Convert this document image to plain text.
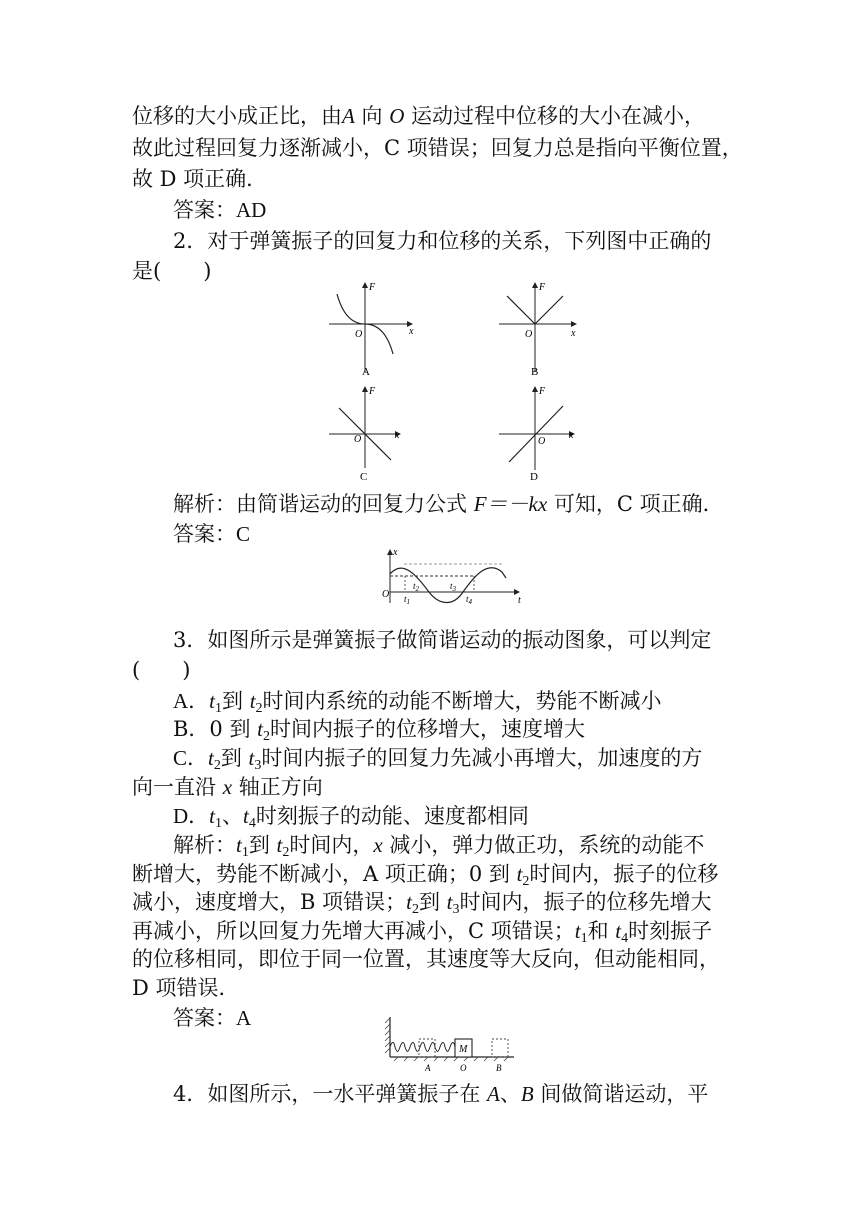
位移的大小成正比，由A 向 O 运动过程中位移的大小在减小，
故此过程回复力逐渐减小，C 项错误；回复力总是指向平衡位置，
故 D 项正确．
答案：AD
2．对于弹簧振子的回复力和位移的关系，下列图中正确的
是(　　)
F
x
O
A
F
x
O
B
F
x
O
C
F
x
O
D
解析：由简谐运动的回复力公式 F＝－kx 可知，C 项正确．
答案：C
x
t
O $t_1$
$t_2$	$t_3$
$t_4$
3．如图所示是弹簧振子做简谐运动的振动图象，可以判定
(　　)
A．$t_1$到 $t_2$时间内系统的动能不断增大，势能不断减小
B．0 到 $t_2$时间内振子的位移增大，速度增大
C．$t_2$到 $t_3$时间内振子的回复力先减小再增大，加速度的方
向一直沿 x 轴正方向
D．$t_1$、$t_4$时刻振子的动能、速度都相同
解析：$t_1$到 $t_2$时间内，x 减小，弹力做正功，系统的动能不
断增大，势能不断减小，A 项正确；0 到 $t_2$时间内，振子的位移
减小，速度增大，B 项错误；$t_2$到 $t_3$时间内，振子的位移先增大
再减小，所以回复力先增大再减小，C 项错误；$t_1$和 $t_4$时刻振子
的位移相同，即位于同一位置，其速度等大反向，但动能相同，
D 项错误．
答案：A
M
A	O	B
4．如图所示，一水平弹簧振子在 A、B 间做简谐运动，平
